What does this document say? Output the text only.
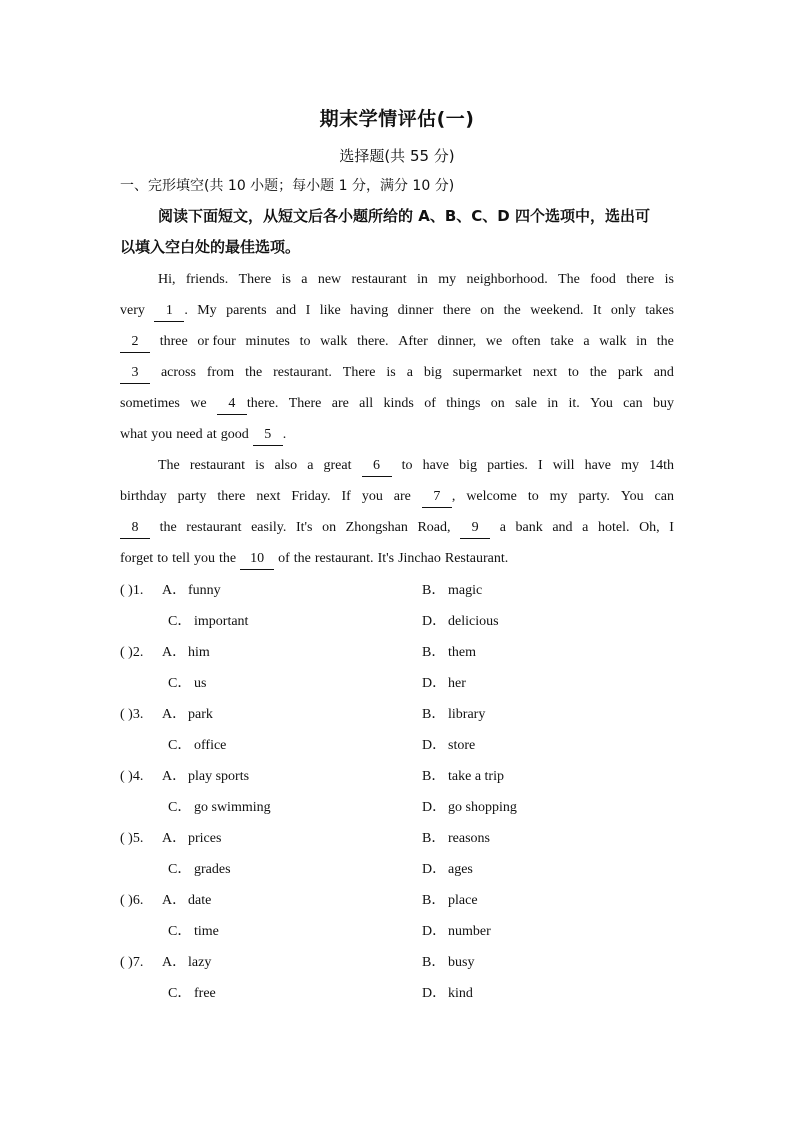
期末学情评估(一)
选择题(共 55 分)
一、完形填空(共 10 小题；每小题 1 分，满分 10 分)
阅读下面短文，从短文后各小题所给的 A、B、C、D 四个选项中，选出可
以填入空白处的最佳选项。
Hi, friends. There is a new restaurant in my neighborhood. The food there is
very	1 . My parents and I like having dinner there on the weekend. It only takes
2	three or four minutes to walk there. After dinner, we often take a walk in the
3	across from the restaurant. There is a big supermarket next to the park and
sometimes we	4 there. There are all kinds of things on sale in it. You can buy
what you need at good	5 .
The restaurant is also a great	6	to have big parties. I will have my 14th
birthday party there next Friday. If you are	7 , welcome to my party. You can
8	the restaurant easily. It's on Zhongshan Road,	9	a bank and a hotel. Oh, I
forget to tell you the	10	of the restaurant. It's Jinchao Restaurant.
( )1. A． funny	B． magic
C． important	D． delicious
( )2. A． him	B． them
C． us	D． her
( )3. A． park	B． library
C． office	D． store
( )4. A． play sports	B． take a trip
C． go swimming	D． go shopping
( )5. A． prices	B． reasons
C． grades	D． ages
( )6. A． date	B． place
C． time	D． number
( )7. A． lazy	B． busy
C． free	D． kind
